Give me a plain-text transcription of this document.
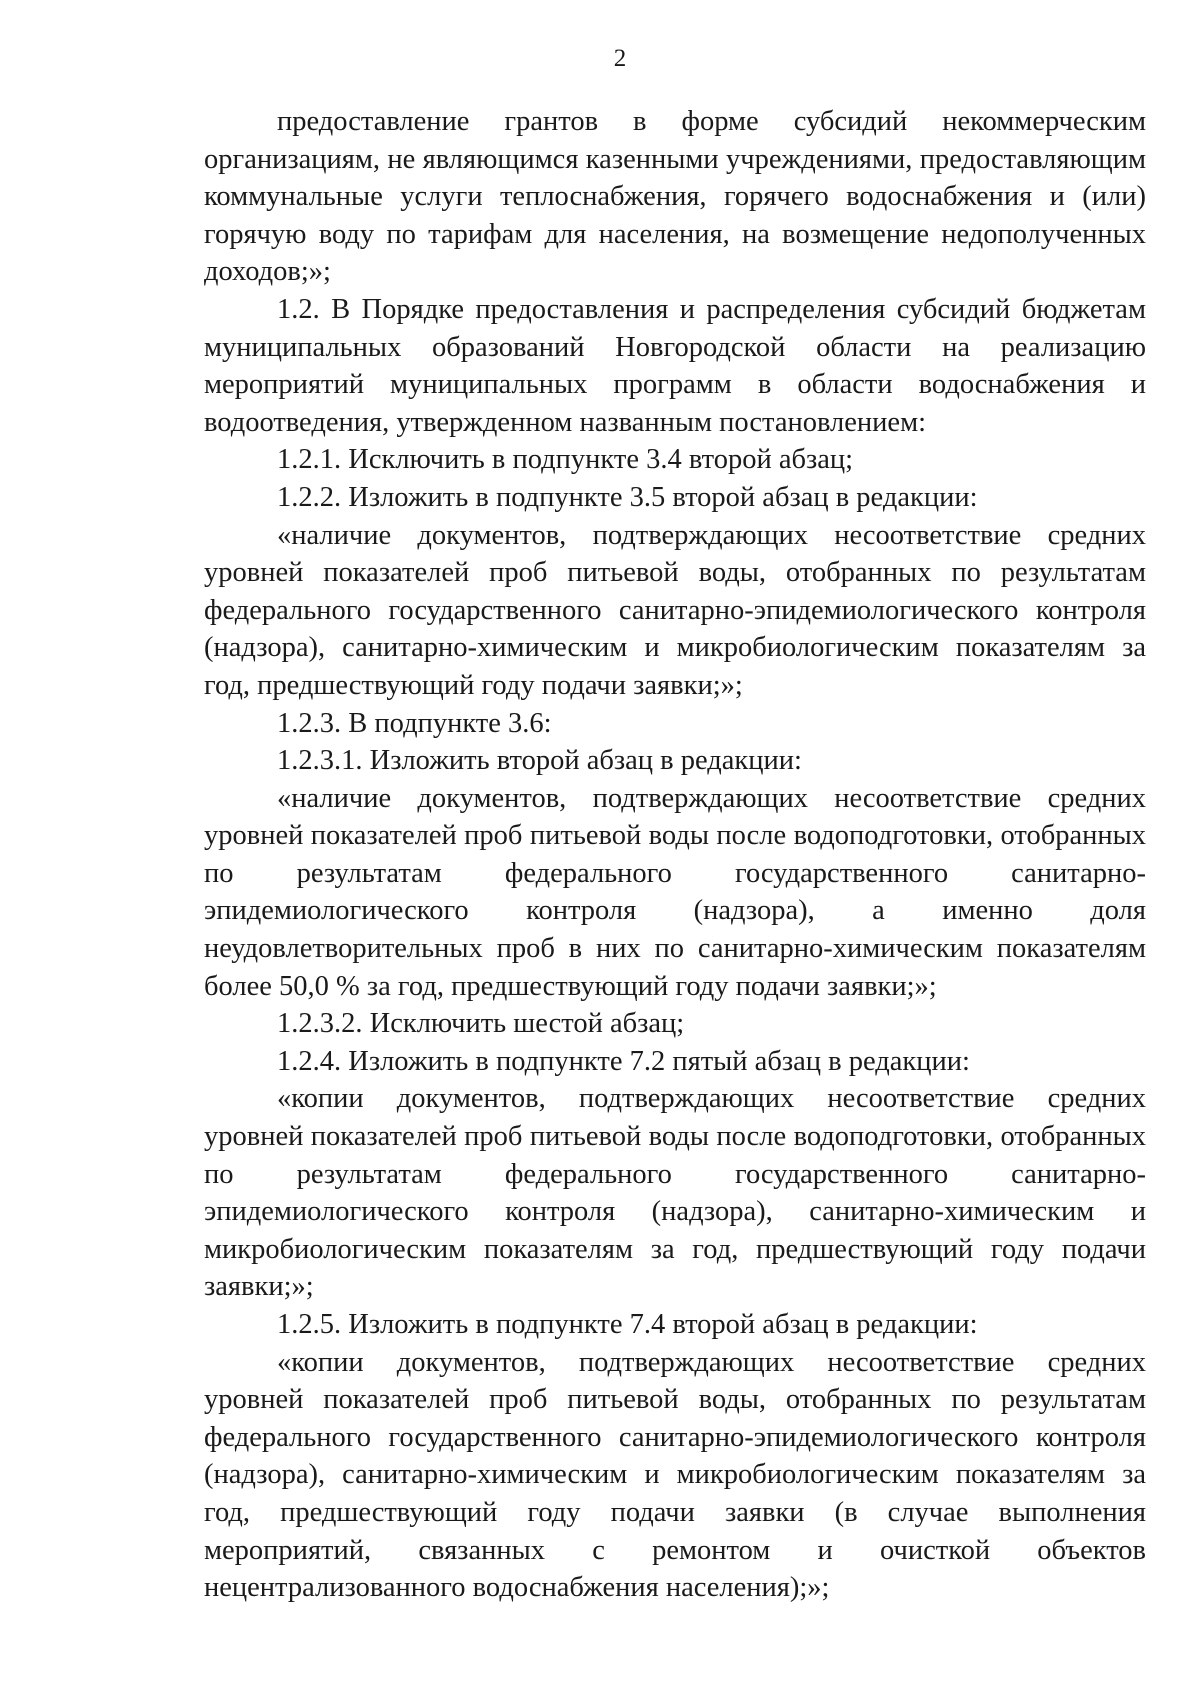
2

предоставление грантов в форме субсидий некоммерческим организациям, не являющимся казенными учреждениями, предоставляющим коммунальные услуги теплоснабжения, горячего водоснабжения и (или) горячую воду по тарифам для населения, на возмещение недополученных доходов;»;

1.2. В Порядке предоставления и распределения субсидий бюджетам муниципальных образований Новгородской области на реализацию мероприятий муниципальных программ в области водоснабжения и водоотведения, утвержденном названным постановлением:

1.2.1. Исключить в подпункте 3.4 второй абзац;

1.2.2. Изложить в подпункте 3.5 второй абзац в редакции:

«наличие документов, подтверждающих несоответствие средних уровней показателей проб питьевой воды, отобранных по результатам федерального государственного санитарно-эпидемиологического контроля (надзора), санитарно-химическим и микробиологическим показателям за год, предшествующий году подачи заявки;»;

1.2.3. В подпункте 3.6:

1.2.3.1. Изложить второй абзац в редакции:

«наличие документов, подтверждающих несоответствие средних уровней показателей проб питьевой воды после водоподготовки, отобранных по результатам федерального государственного санитарно-эпидемиологического контроля (надзора), а именно доля неудовлетворительных проб в них по санитарно-химическим показателям более 50,0 % за год, предшествующий году подачи заявки;»;

1.2.3.2. Исключить шестой абзац;

1.2.4. Изложить в подпункте 7.2 пятый абзац в редакции:

«копии документов, подтверждающих несоответствие средних уровней показателей проб питьевой воды после водоподготовки, отобранных по результатам федерального государственного санитарно-эпидемиологического контроля (надзора), санитарно-химическим и микробиологическим показателям за год, предшествующий году подачи заявки;»;

1.2.5. Изложить в подпункте 7.4 второй абзац в редакции:

«копии документов, подтверждающих несоответствие средних уровней показателей проб питьевой воды, отобранных по результатам федерального государственного санитарно-эпидемиологического контроля (надзора), санитарно-химическим и микробиологическим показателям за год, предшествующий году подачи заявки (в случае выполнения мероприятий, связанных с ремонтом и очисткой объектов нецентрализованного водоснабжения населения);»;
